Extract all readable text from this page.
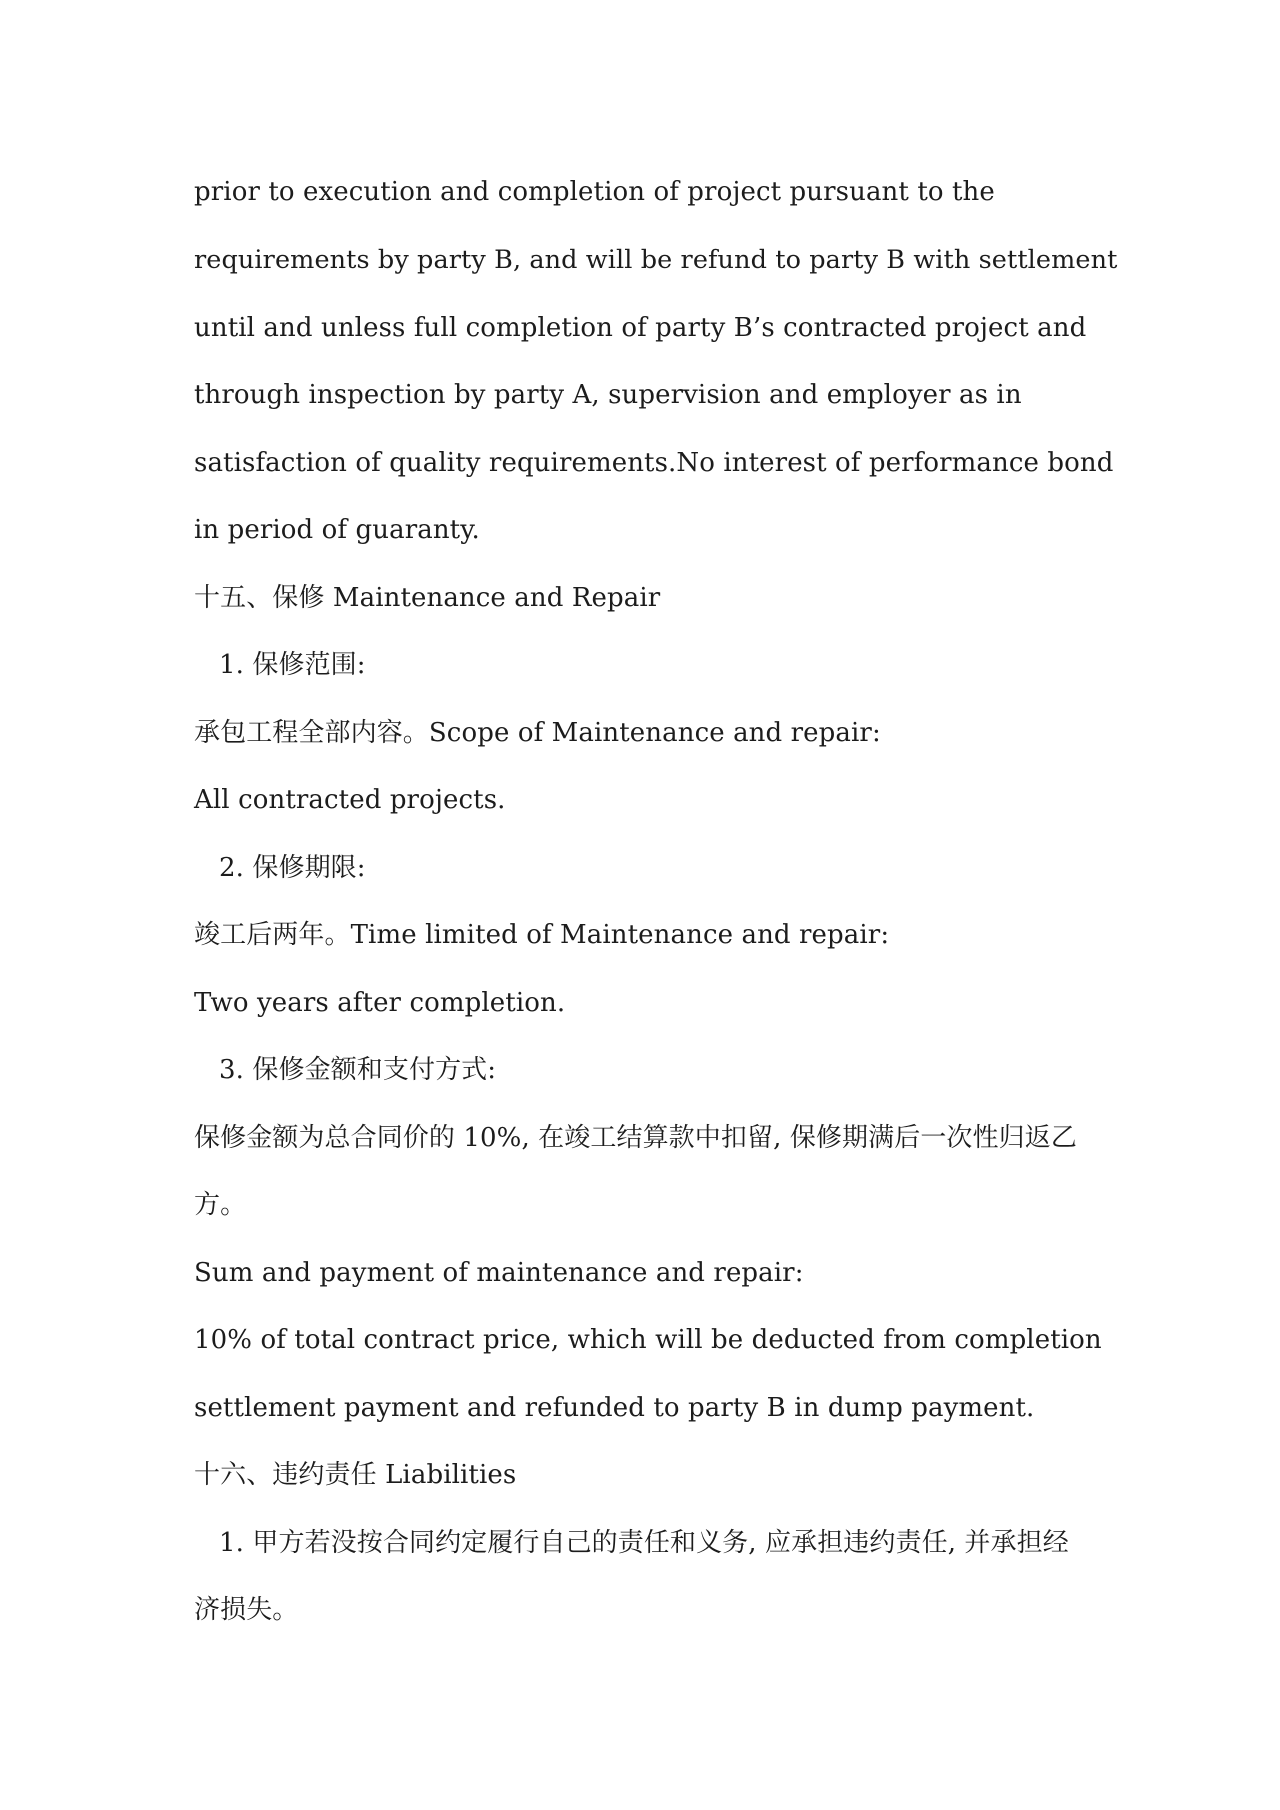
prior to execution and completion of project pursuant to the
requirements by party B, and will be refund to party B with settlement
until and unless full completion of party B’s contracted project and
through inspection by party A, supervision and employer as in
satisfaction of quality requirements.No interest of performance bond
in period of guaranty.
十五、保修 Maintenance and Repair
1. 保修范围:
承包工程全部内容。Scope of Maintenance and repair:
All contracted projects.
2. 保修期限:
竣工后两年。Time limited of Maintenance and repair:
Two years after completion.
3. 保修金额和支付方式:
保修金额为总合同价的 10%, 在竣工结算款中扣留, 保修期满后一次性归返乙
方。
Sum and payment of maintenance and repair:
10% of total contract price, which will be deducted from completion
settlement payment and refunded to party B in dump payment.
十六、违约责任 Liabilities
1. 甲方若没按合同约定履行自己的责任和义务, 应承担违约责任, 并承担经
济损失。
